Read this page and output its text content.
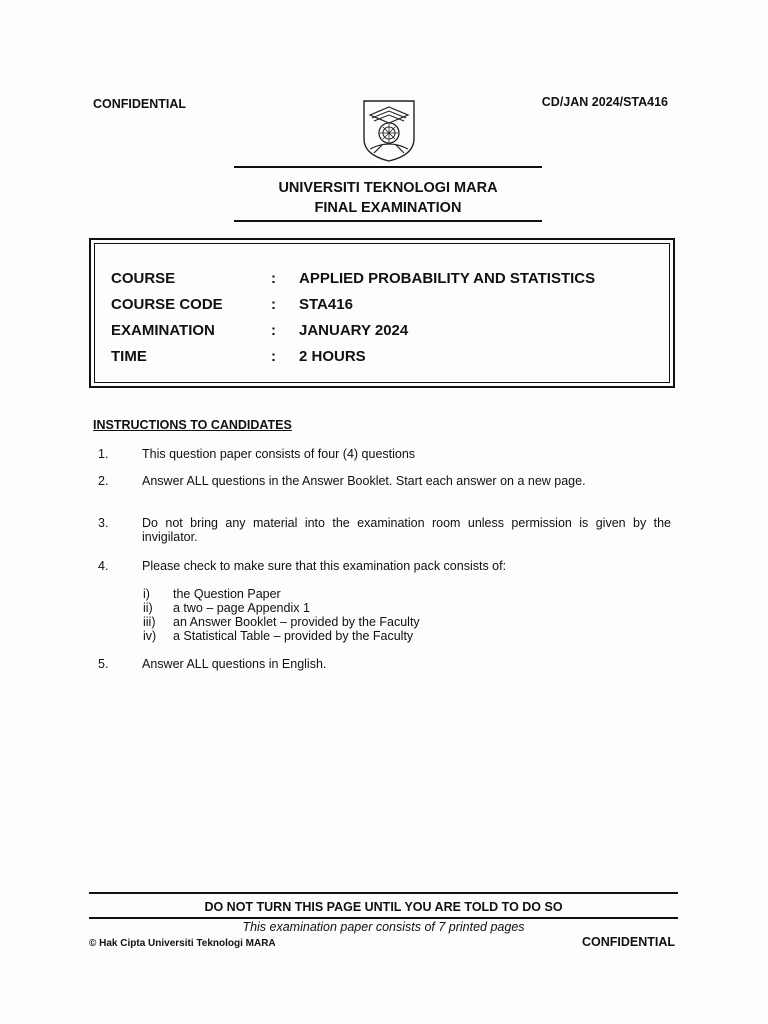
CONFIDENTIAL	CD/JAN 2024/STA416
UNIVERSITI TEKNOLOGI MARA
FINAL EXAMINATION
COURSE	: APPLIED PROBABILITY AND STATISTICS
COURSE CODE	: STA416
EXAMINATION	: JANUARY 2024
TIME	: 2 HOURS
INSTRUCTIONS TO CANDIDATES
1.	This question paper consists of four (4) questions
2.	Answer ALL questions in the Answer Booklet. Start each answer on a new page.
3.	Do not bring any material into the examination room unless permission is given by the invigilator.
4.	Please check to make sure that this examination pack consists of:
i) the Question Paper
ii) a two – page Appendix 1
iii) an Answer Booklet – provided by the Faculty
iv) a Statistical Table – provided by the Faculty
5.	Answer ALL questions in English.
DO NOT TURN THIS PAGE UNTIL YOU ARE TOLD TO DO SO
This examination paper consists of 7 printed pages
© Hak Cipta Universiti Teknologi MARA	CONFIDENTIAL
